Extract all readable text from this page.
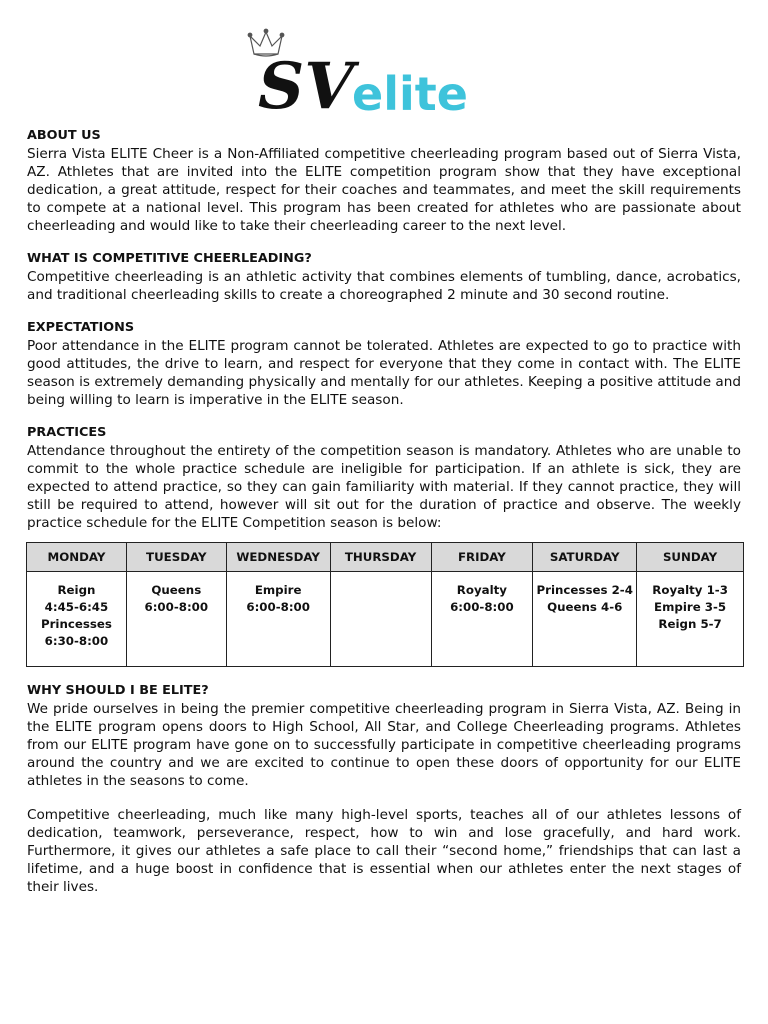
SV
elite
ABOUT US

Sierra Vista ELITE Cheer is a Non-Affiliated competitive cheerleading program based out of Sierra Vista, AZ. Athletes that are invited into the ELITE competition program show that they have exceptional dedication, a great attitude, respect for their coaches and teammates, and meet the skill requirements to compete at a national level. This program has been created for athletes who are passionate about cheerleading and would like to take their cheerleading career to the next level.

WHAT IS COMPETITIVE CHEERLEADING?

Competitive cheerleading is an athletic activity that combines elements of tumbling, dance, acrobatics, and traditional cheerleading skills to create a choreographed 2 minute and 30 second routine.

EXPECTATIONS

Poor attendance in the ELITE program cannot be tolerated. Athletes are expected to go to practice with good attitudes, the drive to learn, and respect for everyone that they come in contact with. The ELITE season is extremely demanding physically and mentally for our athletes. Keeping a positive attitude and being willing to learn is imperative in the ELITE season.

PRACTICES

Attendance throughout the entirety of the competition season is mandatory. Athletes who are unable to commit to the whole practice schedule are ineligible for participation. If an athlete is sick, they are expected to attend practice, so they can gain familiarity with material. If they cannot practice, they will still be required to attend, however will sit out for the duration of practice and observe. The weekly practice schedule for the ELITE Competition season is below:

MONDAY	TUESDAY	WEDNESDAY	THURSDAY	FRIDAY	SATURDAY	SUNDAY

Reign
4:45-6:45
Princesses
6:30-8:00	Queens
6:00-8:00	Empire
6:00-8:00		Royalty
6:00-8:00	Princesses 2-4
Queens 4-6	Royalty 1-3
Empire 3-5
Reign 5-7
WHY SHOULD I BE ELITE?

We pride ourselves in being the premier competitive cheerleading program in Sierra Vista, AZ. Being in the ELITE program opens doors to High School, All Star, and College Cheerleading programs. Athletes from our ELITE program have gone on to successfully participate in competitive cheerleading programs around the country and we are excited to continue to open these doors of opportunity for our ELITE athletes in the seasons to come.

Competitive cheerleading, much like many high-level sports, teaches all of our athletes lessons of dedication, teamwork, perseverance, respect, how to win and lose gracefully, and hard work. Furthermore, it gives our athletes a safe place to call their “second home,” friendships that can last a lifetime, and a huge boost in confidence that is essential when our athletes enter the next stages of their lives.
